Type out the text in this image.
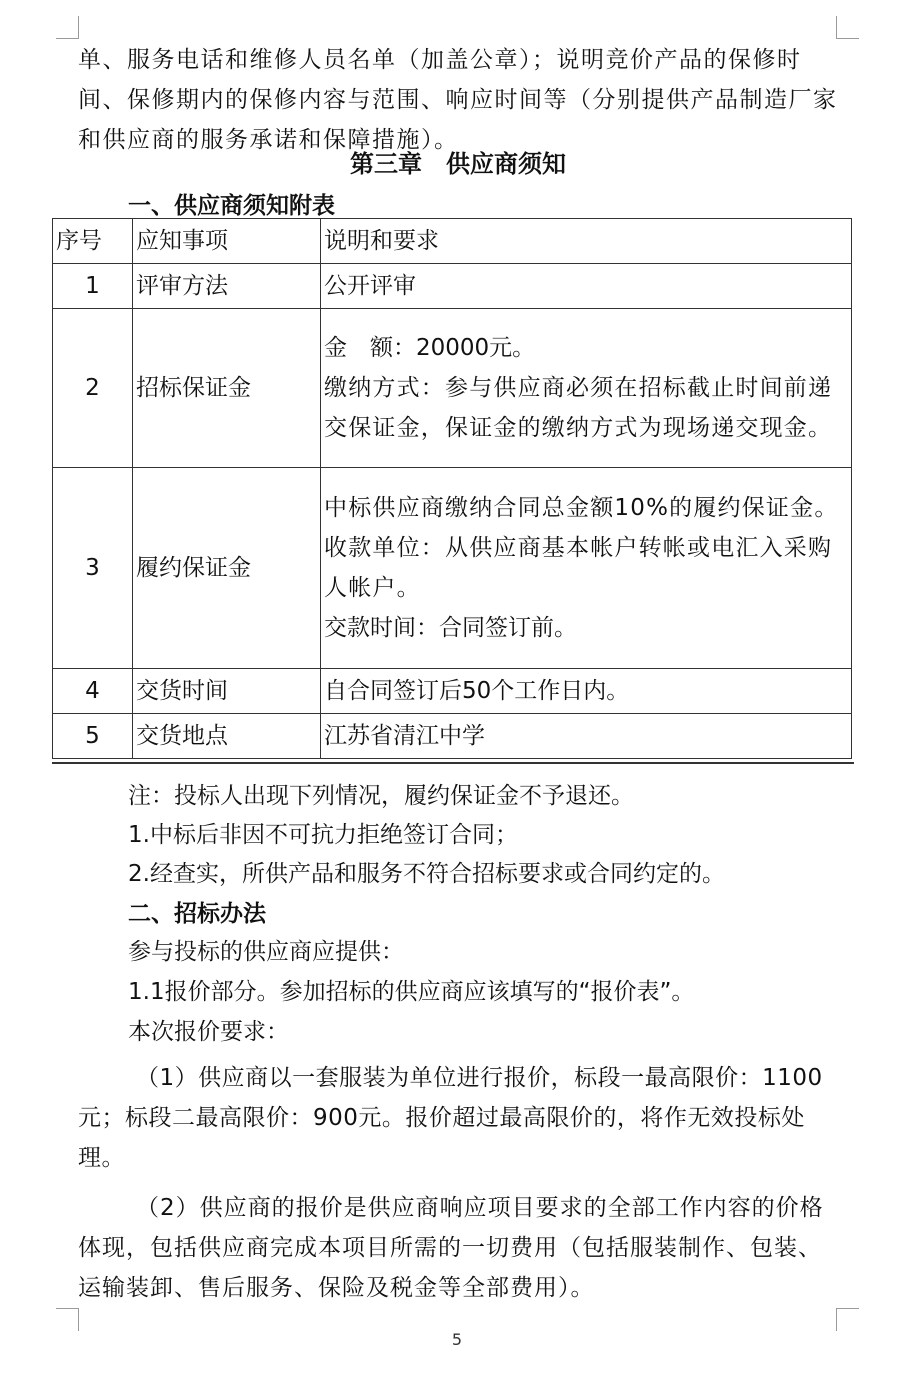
单、服务电话和维修人员名单（加盖公章）；说明竞价产品的保修时间、保修期内的保修内容与范围、响应时间等（分别提供产品制造厂家和供应商的服务承诺和保障措施）。
第三章　供应商须知
一、供应商须知附表
序号	应知事项	说明和要求
1	评审方法	公开评审

2	招标保证金	金　额：20000元。
缴纳方式：参与供应商必须在招标截止时间前递交保证金，保证金的缴纳方式为现场递交现金。

3	履约保证金	中标供应商缴纳合同总金额10%的履约保证金。
收款单位：从供应商基本帐户转帐或电汇入采购人帐户。
交款时间：合同签订前。

4	交货时间	自合同签订后50个工作日内。

5	交货地点	江苏省清江中学
注：投标人出现下列情况，履约保证金不予退还。
1.中标后非因不可抗力拒绝签订合同；
2.经查实，所供产品和服务不符合招标要求或合同约定的。
二、招标办法
参与投标的供应商应提供：
1.1报价部分。参加招标的供应商应该填写的“报价表”。
本次报价要求：
（1）供应商以一套服装为单位进行报价，标段一最高限价：1100元；标段二最高限价：900元。报价超过最高限价的，将作无效投标处理。
（2）供应商的报价是供应商响应项目要求的全部工作内容的价格体现，包括供应商完成本项目所需的一切费用（包括服装制作、包装、运输装卸、售后服务、保险及税金等全部费用）。
5
